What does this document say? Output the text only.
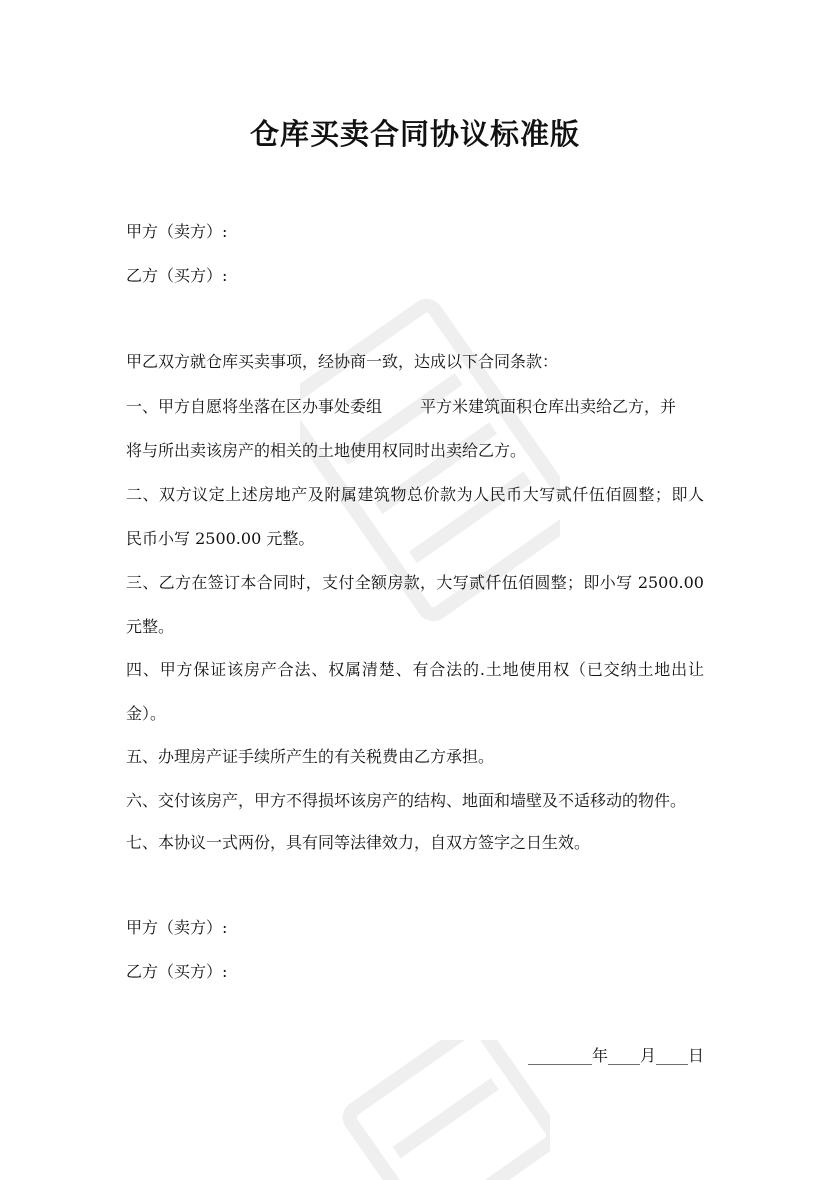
仓库买卖合同协议标准版
甲方（卖方）:
乙方（买方）:
甲乙双方就仓库买卖事项，经协商一致，达成以下合同条款：
一、甲方自愿将坐落在区办事处委组 平方米建筑面积仓库出卖给乙方，并
将与所出卖该房产的相关的土地使用权同时出卖给乙方。
二、双方议定上述房地产及附属建筑物总价款为人民币大写贰仟伍佰圆整；即人
民币小写 2500.00 元整。
三、乙方在签订本合同时，支付全额房款，大写贰仟伍佰圆整；即小写 2500.00
元整。
四、甲方保证该房产合法、权属清楚、有合法的.土地使用权（已交纳土地出让
金）。
五、办理房产证手续所产生的有关税费由乙方承担。
六、交付该房产，甲方不得损坏该房产的结构、地面和墙壁及不适移动的物件。
七、本协议一式两份，具有同等法律效力，自双方签字之日生效。
甲方（卖方）:
乙方（买方）:
________年____月____日
